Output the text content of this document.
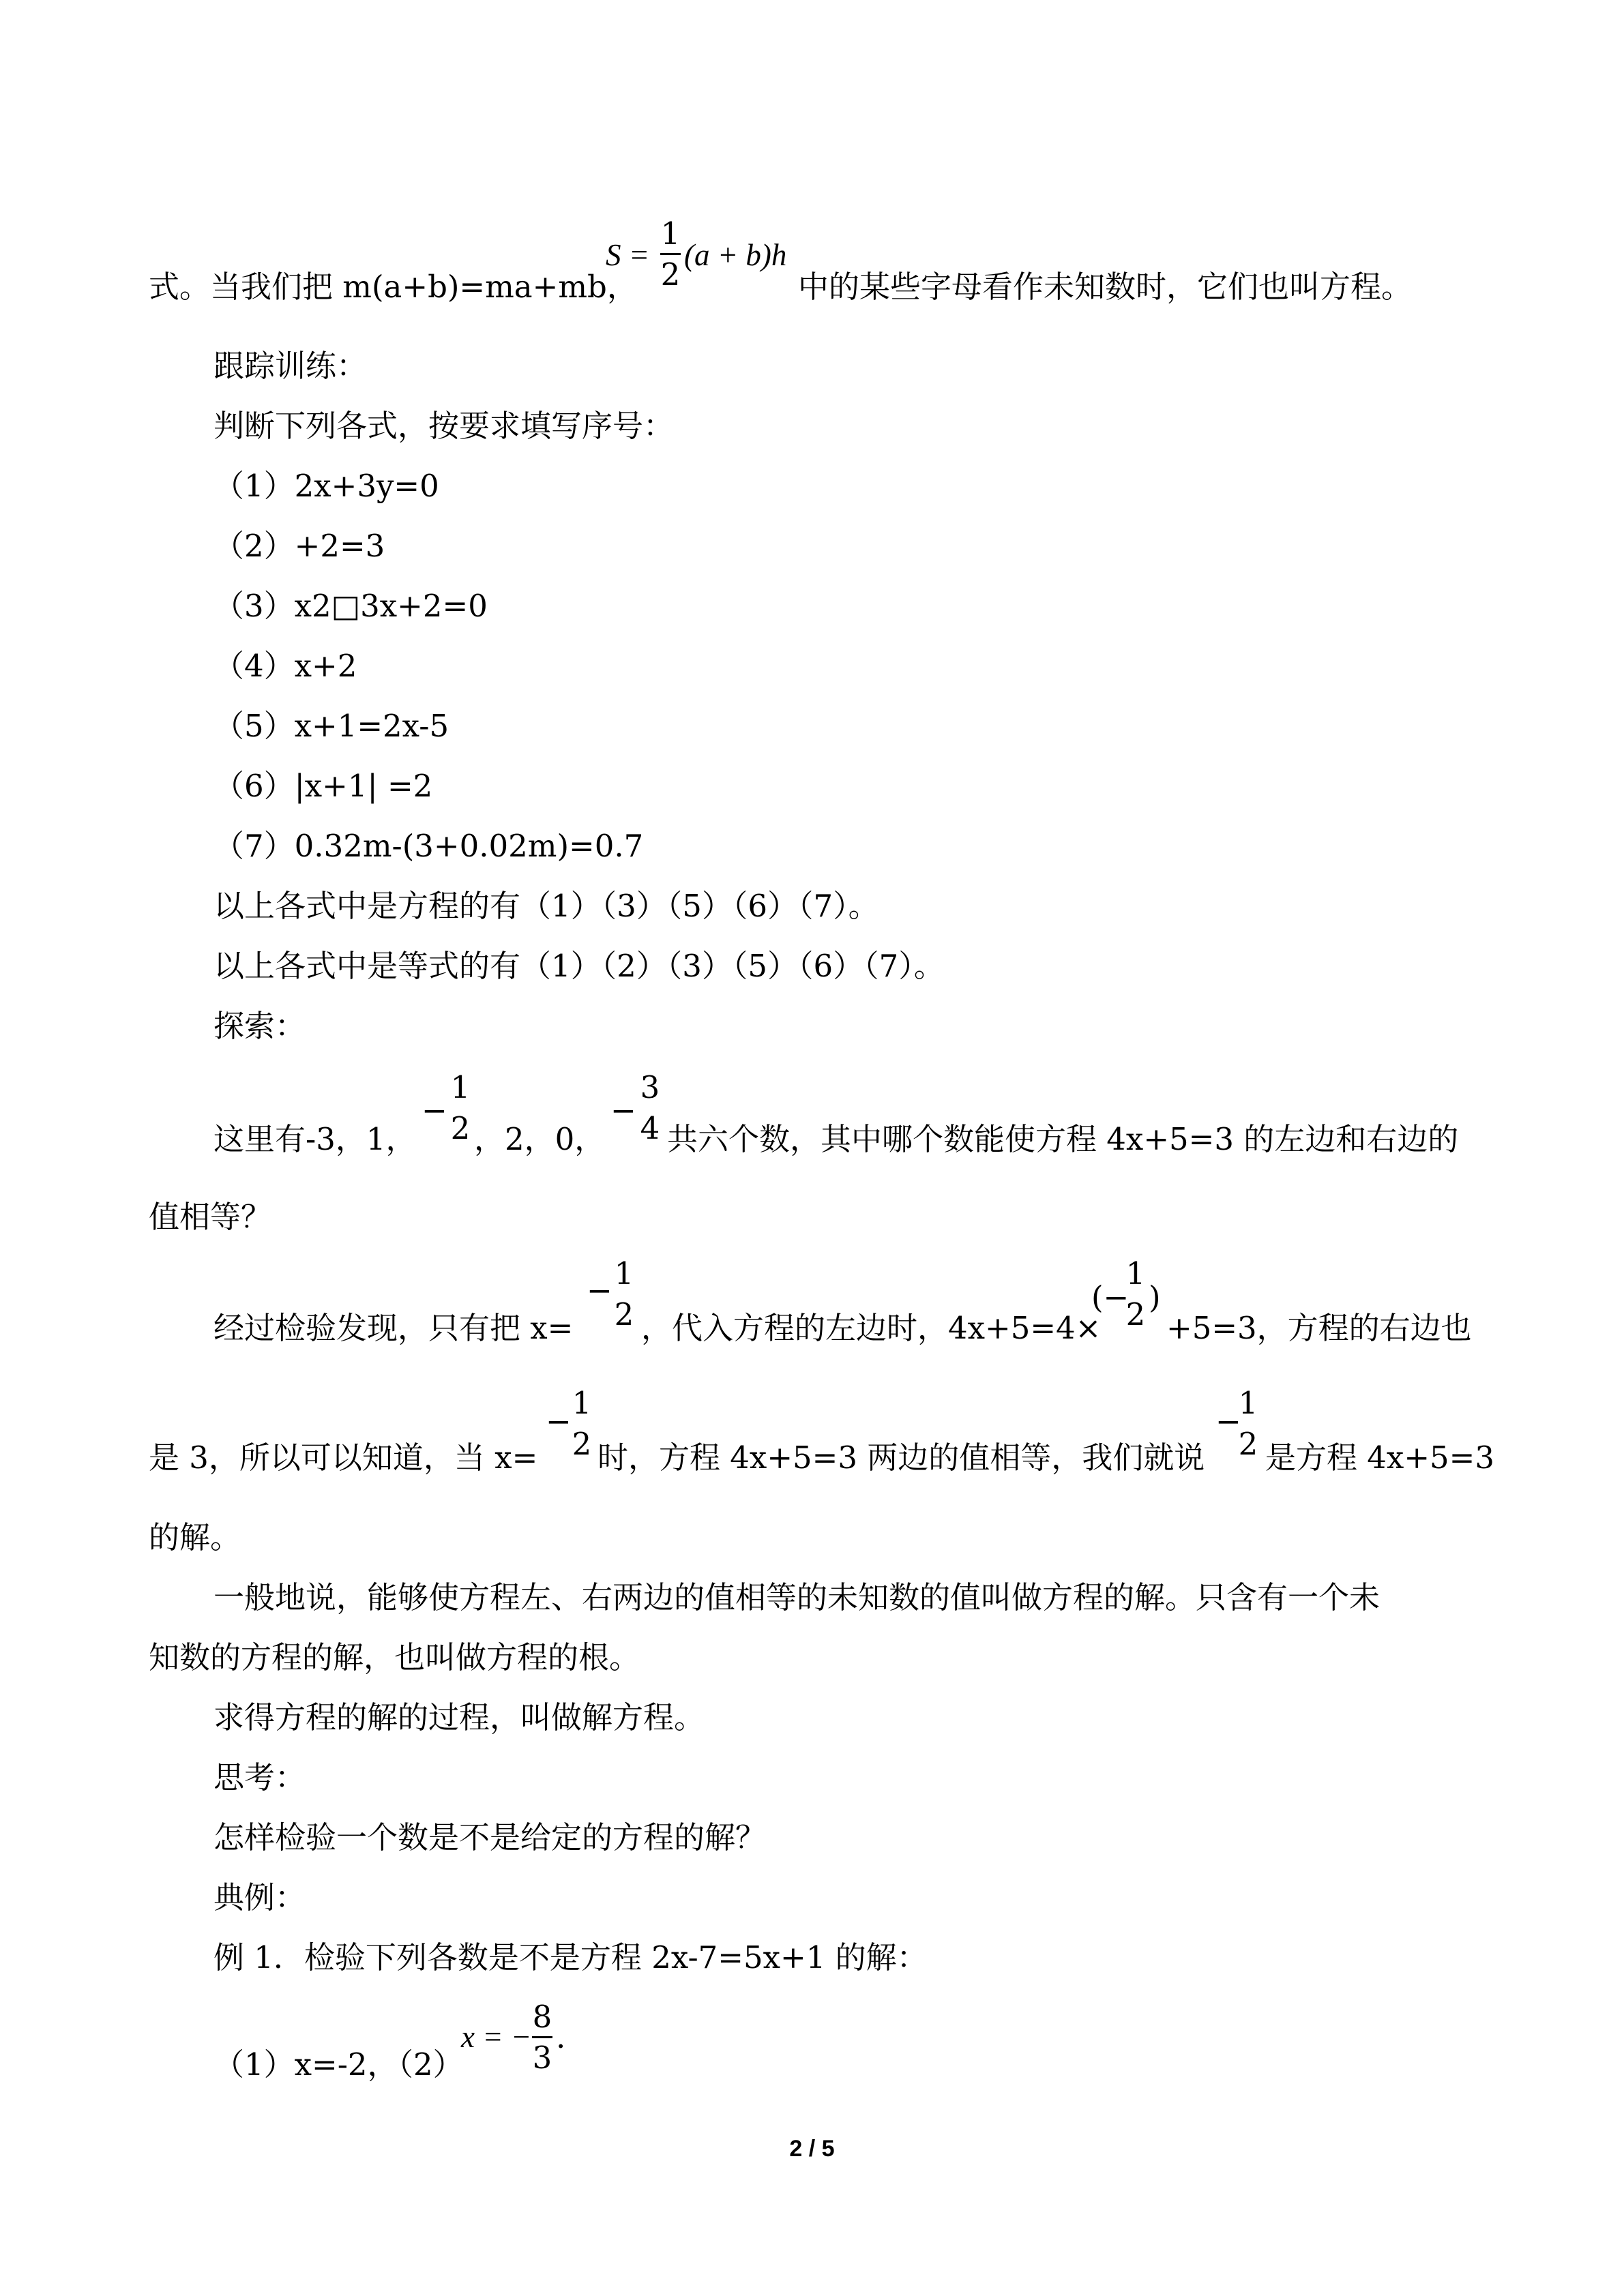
式。当我们把 m(a+b)=ma+mb，
S =
1
2
(a + b)h
中的某些字母看作未知数时，它们也叫方程。
跟踪训练：
判断下列各式，按要求填写序号：
（1）2x+3y=0
（2）+2=3
（3）x2□3x+2=0
（4）x+2
（5）x+1=2x-5
（6）|x+1| =2
（7）0.32m-(3+0.02m)=0.7
以上各式中是方程的有（1）（3）（5）（6）（7）。
以上各式中是等式的有（1）（2）（3）（5）（6）（7）。
探索：
这里有-3，1，
−
1
2 ，2，0，
−
3
4 共六个数，其中哪个数能使方程 4x+5=3 的左边和右边的
值相等？
经过检验发现，只有把 x=
− 1
2 ，代入方程的左边时，4x+5=4×
(−
1
2 )
+5=3，方程的右边也
是 3，所以可以知道，当 x=
−
1
2 时，方程 4x+5=3 两边的值相等，我们就说
−
1
2 是方程 4x+5=3
的解。
一般地说，能够使方程左、右两边的值相等的未知数的值叫做方程的解。只含有一个未
知数的方程的解，也叫做方程的根。
求得方程的解的过程，叫做解方程。
思考：
怎样检验一个数是不是给定的方程的解？
典例：
例 1．检验下列各数是不是方程 2x-7=5x+1 的解：
（1）x=-2，（2）
x = −
8
3
.
2 / 5
